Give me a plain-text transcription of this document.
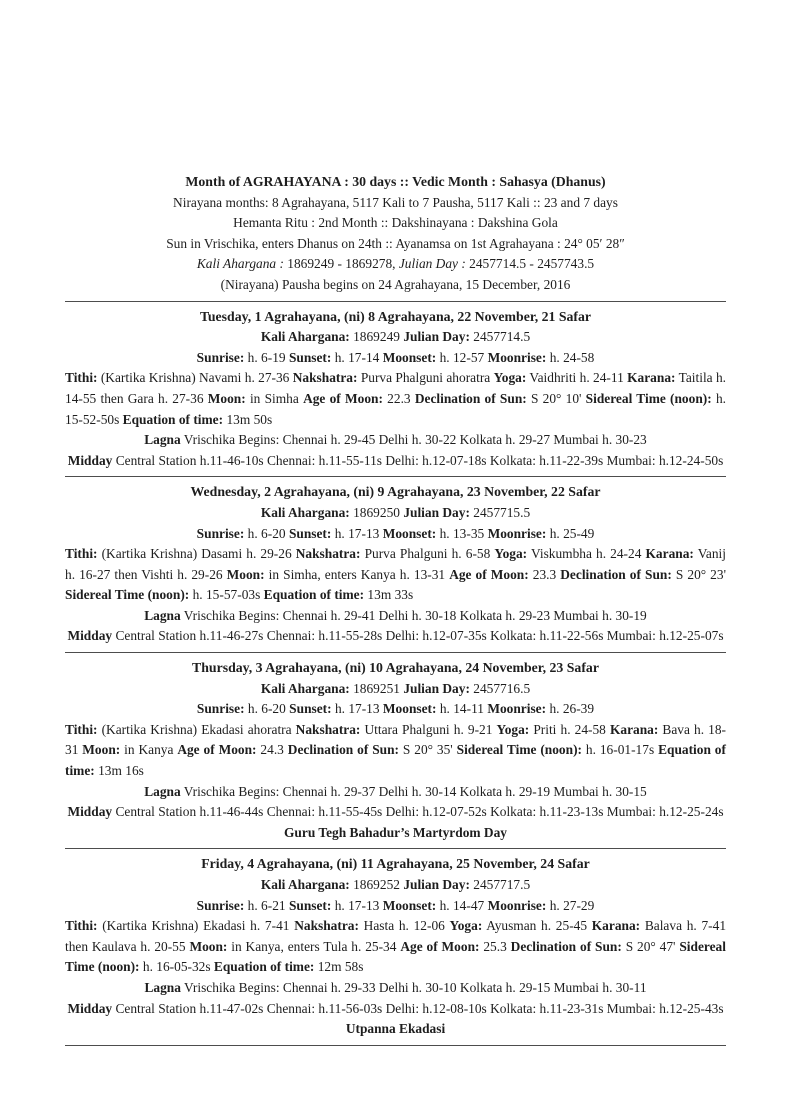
Month of AGRAHAYANA : 30 days :: Vedic Month : Sahasya (Dhanus)
Nirayana months: 8 Agrahayana, 5117 Kali to 7 Pausha, 5117 Kali :: 23 and 7 days
Hemanta Ritu : 2nd Month :: Dakshinayana : Dakshina Gola
Sun in Vrischika, enters Dhanus on 24th :: Ayanamsa on 1st Agrahayana : 24° 05′ 28″
Kali Ahargana : 1869249 - 1869278, Julian Day : 2457714.5 - 2457743.5
(Nirayana) Pausha begins on 24 Agrahayana, 15 December, 2016
Tuesday, 1 Agrahayana, (ni) 8 Agrahayana, 22 November, 21 Safar
Kali Ahargana: 1869249 Julian Day: 2457714.5
Sunrise: h. 6-19 Sunset: h. 17-14 Moonset: h. 12-57 Moonrise: h. 24-58
Tithi: (Kartika Krishna) Navami h. 27-36 Nakshatra: Purva Phalguni ahoratra Yoga: Vaidhriti h. 24-11 Karana: Taitila h. 14-55 then Gara h. 27-36 Moon: in Simha Age of Moon: 22.3 Declination of Sun: S 20° 10' Sidereal Time (noon): h. 15-52-50s Equation of time: 13m 50s
Lagna Vrischika Begins: Chennai h. 29-45 Delhi h. 30-22 Kolkata h. 29-27 Mumbai h. 30-23
Midday Central Station h.11-46-10s Chennai: h.11-55-11s Delhi: h.12-07-18s Kolkata: h.11-22-39s Mumbai: h.12-24-50s
Wednesday, 2 Agrahayana, (ni) 9 Agrahayana, 23 November, 22 Safar
Kali Ahargana: 1869250 Julian Day: 2457715.5
Sunrise: h. 6-20 Sunset: h. 17-13 Moonset: h. 13-35 Moonrise: h. 25-49
Tithi: (Kartika Krishna) Dasami h. 29-26 Nakshatra: Purva Phalguni h. 6-58 Yoga: Viskumbha h. 24-24 Karana: Vanij h. 16-27 then Vishti h. 29-26 Moon: in Simha, enters Kanya h. 13-31 Age of Moon: 23.3 Declination of Sun: S 20° 23' Sidereal Time (noon): h. 15-57-03s Equation of time: 13m 33s
Lagna Vrischika Begins: Chennai h. 29-41 Delhi h. 30-18 Kolkata h. 29-23 Mumbai h. 30-19
Midday Central Station h.11-46-27s Chennai: h.11-55-28s Delhi: h.12-07-35s Kolkata: h.11-22-56s Mumbai: h.12-25-07s
Thursday, 3 Agrahayana, (ni) 10 Agrahayana, 24 November, 23 Safar
Kali Ahargana: 1869251 Julian Day: 2457716.5
Sunrise: h. 6-20 Sunset: h. 17-13 Moonset: h. 14-11 Moonrise: h. 26-39
Tithi: (Kartika Krishna) Ekadasi ahoratra Nakshatra: Uttara Phalguni h. 9-21 Yoga: Priti h. 24-58 Karana: Bava h. 18-31 Moon: in Kanya Age of Moon: 24.3 Declination of Sun: S 20° 35' Sidereal Time (noon): h. 16-01-17s Equation of time: 13m 16s
Lagna Vrischika Begins: Chennai h. 29-37 Delhi h. 30-14 Kolkata h. 29-19 Mumbai h. 30-15
Midday Central Station h.11-46-44s Chennai: h.11-55-45s Delhi: h.12-07-52s Kolkata: h.11-23-13s Mumbai: h.12-25-24s
Guru Tegh Bahadur’s Martyrdom Day
Friday, 4 Agrahayana, (ni) 11 Agrahayana, 25 November, 24 Safar
Kali Ahargana: 1869252 Julian Day: 2457717.5
Sunrise: h. 6-21 Sunset: h. 17-13 Moonset: h. 14-47 Moonrise: h. 27-29
Tithi: (Kartika Krishna) Ekadasi h. 7-41 Nakshatra: Hasta h. 12-06 Yoga: Ayusman h. 25-45 Karana: Balava h. 7-41 then Kaulava h. 20-55 Moon: in Kanya, enters Tula h. 25-34 Age of Moon: 25.3 Declination of Sun: S 20° 47' Sidereal Time (noon): h. 16-05-32s Equation of time: 12m 58s
Lagna Vrischika Begins: Chennai h. 29-33 Delhi h. 30-10 Kolkata h. 29-15 Mumbai h. 30-11
Midday Central Station h.11-47-02s Chennai: h.11-56-03s Delhi: h.12-08-10s Kolkata: h.11-23-31s Mumbai: h.12-25-43s
Utpanna Ekadasi
